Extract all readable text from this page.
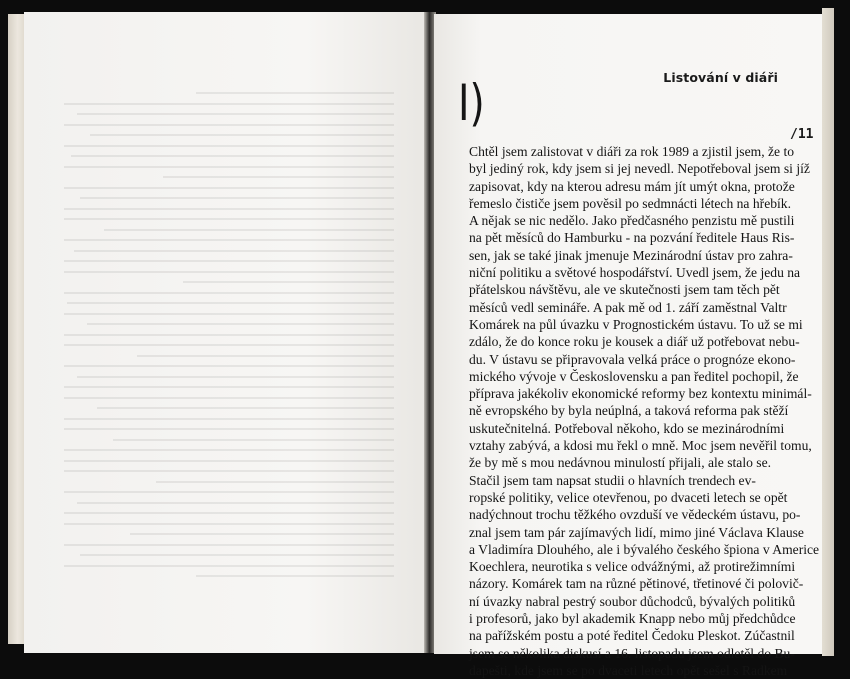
Listování v diáři
I)
/11
Chtěl jsem zalistovat v diáři za rok 1989 a zjistil jsem, že to
byl jediný rok, kdy jsem si jej nevedl. Nepotřeboval jsem si jíž
zapisovat, kdy na kterou adresu mám jít umýt okna, protože
řemeslo čističe jsem pověsil po sedmnácti létech na hřebík.
A nějak se nic nedělo. Jako předčasného penzistu mě pustili
na pět měsíců do Hamburku - na pozvání ředitele Haus Ris-
sen, jak se také jinak jmenuje Mezinárodní ústav pro zahra-
niční politiku a světové hospodářství. Uvedl jsem, že jedu na
přátelskou návštěvu, ale ve skutečnosti jsem tam těch pět
měsíců vedl semináře. A pak mě od 1. září zaměstnal Valtr
Komárek na půl úvazku v Prognostickém ústavu. To už se mi
zdálo, že do konce roku je kousek a diář už potřebovat nebu-
du. V ústavu se připravovala velká práce o prognóze ekono-
mického vývoje v Československu a pan ředitel pochopil, že
příprava jakékoliv ekonomické reformy bez kontextu minimál-
ně evropského by byla neúplná, a taková reforma pak stěží
uskutečnitelná. Potřeboval někoho, kdo se mezinárodními
vztahy zabývá, a kdosi mu řekl o mně. Moc jsem nevěřil tomu,
že by mě s mou nedávnou minulostí přijali, ale stalo se.
Stačil jsem tam napsat studii o hlavních trendech ev-
ropské politiky, velice otevřenou, po dvaceti letech se opět
nadýchnout trochu těžkého ovzduší ve vědeckém ústavu, po-
znal jsem tam pár zajímavých lidí, mimo jiné Václava Klause
a Vladimíra Dlouhého, ale i bývalého českého špiona v Americe
Koechlera, neurotika s velice odvážnými, až protirežimními
názory. Komárek tam na různé pětinové, třetinové či polovič-
ní úvazky nabral pestrý soubor důchodců, bývalých politiků
i profesorů, jako byl akademik Knapp nebo můj předchůdce
na pařížském postu a poté ředitel Čedoku Pleskot. Zúčastnil
jsem se několika diskusí a 16. listopadu jsem odletěl do Bu-
dapešti, kde jsem se po dvaceti letech opět sešel s Radkem
